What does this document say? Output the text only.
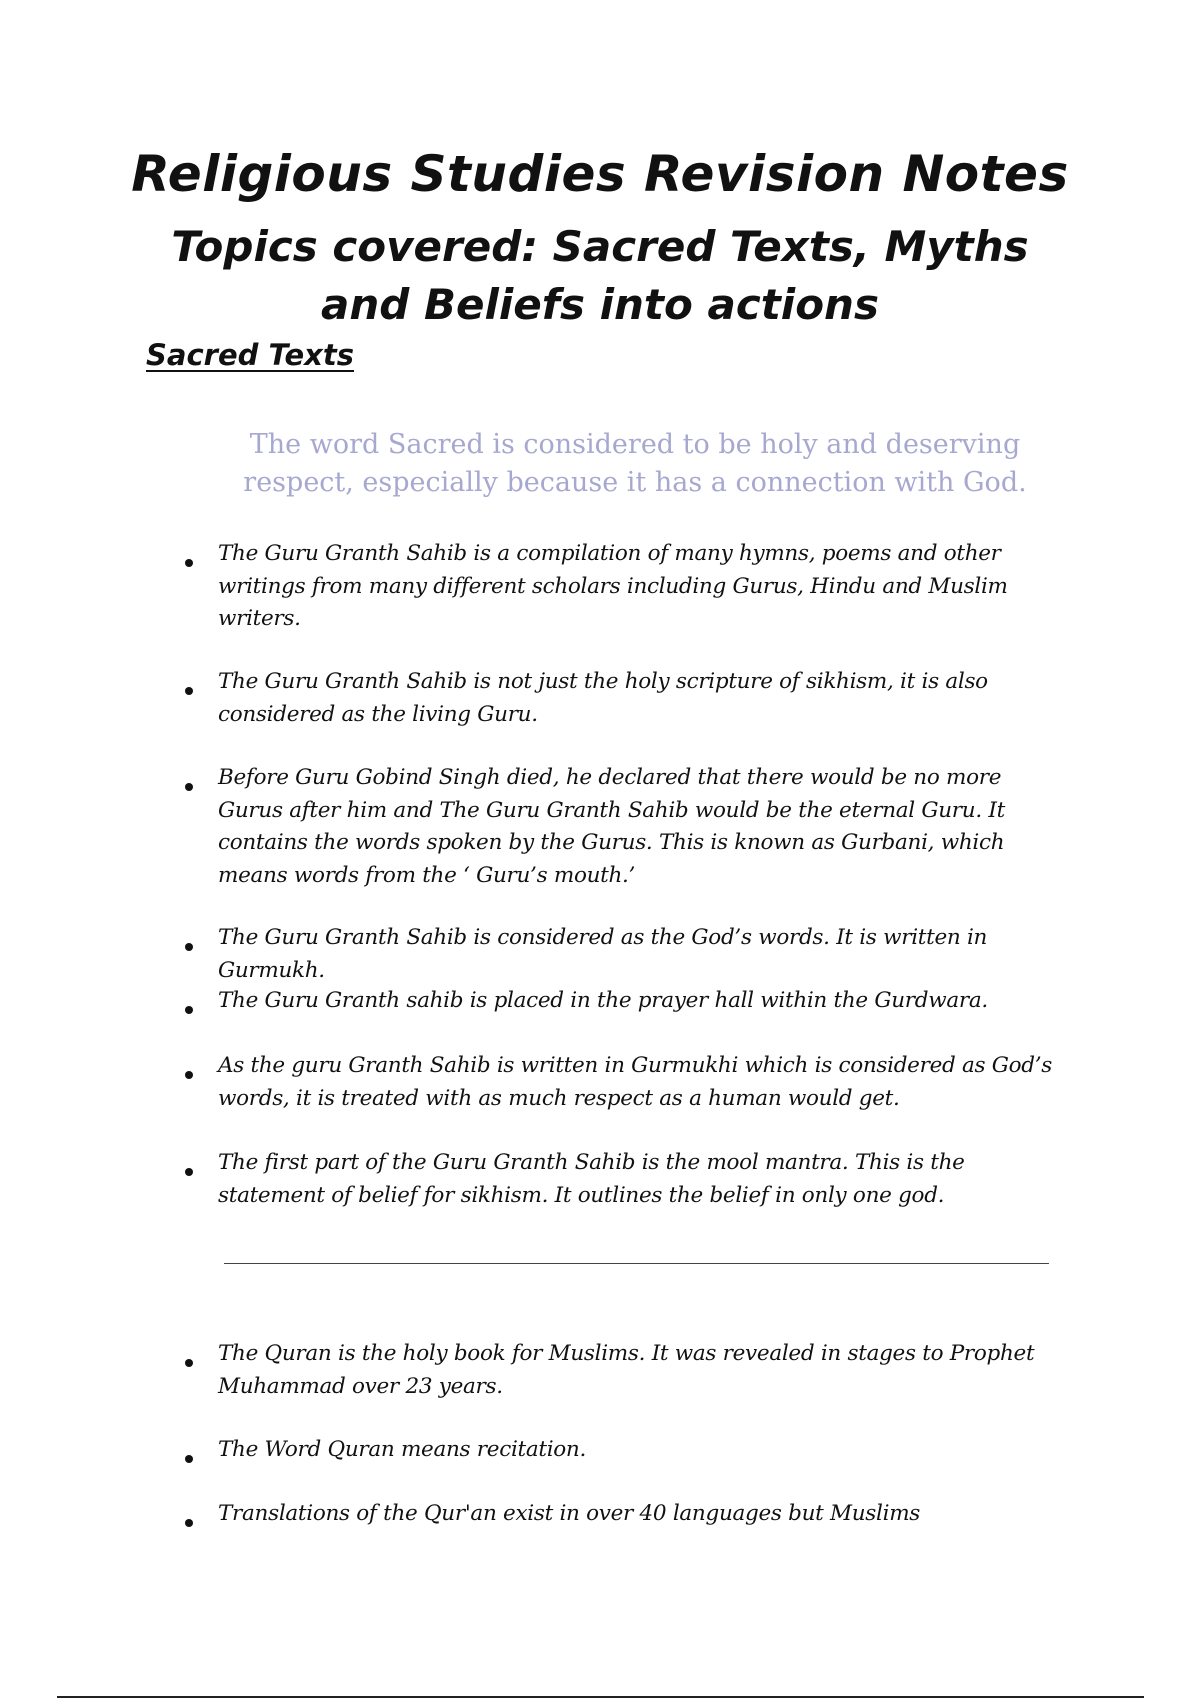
Religious Studies Revision Notes
Topics covered: Sacred Texts, Myths and Beliefs into actions
Sacred Texts

The word Sacred is considered to be holy and deserving respect, especially because it has a connection with God.

The Guru Granth Sahib is a compilation of many hymns, poems and other writings from many different scholars including Gurus, Hindu and Muslim writers.

The Guru Granth Sahib is not just the holy scripture of sikhism, it is also considered as the living Guru.

Before Guru Gobind Singh died, he declared that there would be no more Gurus after him and The Guru Granth Sahib would be the eternal Guru. It contains the words spoken by the Gurus. This is known as Gurbani, which means words from the ‘ Guru’s mouth.’

The Guru Granth Sahib is considered as the God’s words. It is written in Gurmukh.

The Guru Granth sahib is placed in the prayer hall within the Gurdwara.

As the guru Granth Sahib is written in Gurmukhi which is considered as God’s words, it is treated with as much respect as a human would get.

The first part of the Guru Granth Sahib is the mool mantra. This is the statement of belief for sikhism. It outlines the belief in only one god.

The Quran is the holy book for Muslims. It was revealed in stages to Prophet Muhammad over 23 years.

The Word Quran means recitation.

Translations of the Qur'an exist in over 40 languages but Muslims
